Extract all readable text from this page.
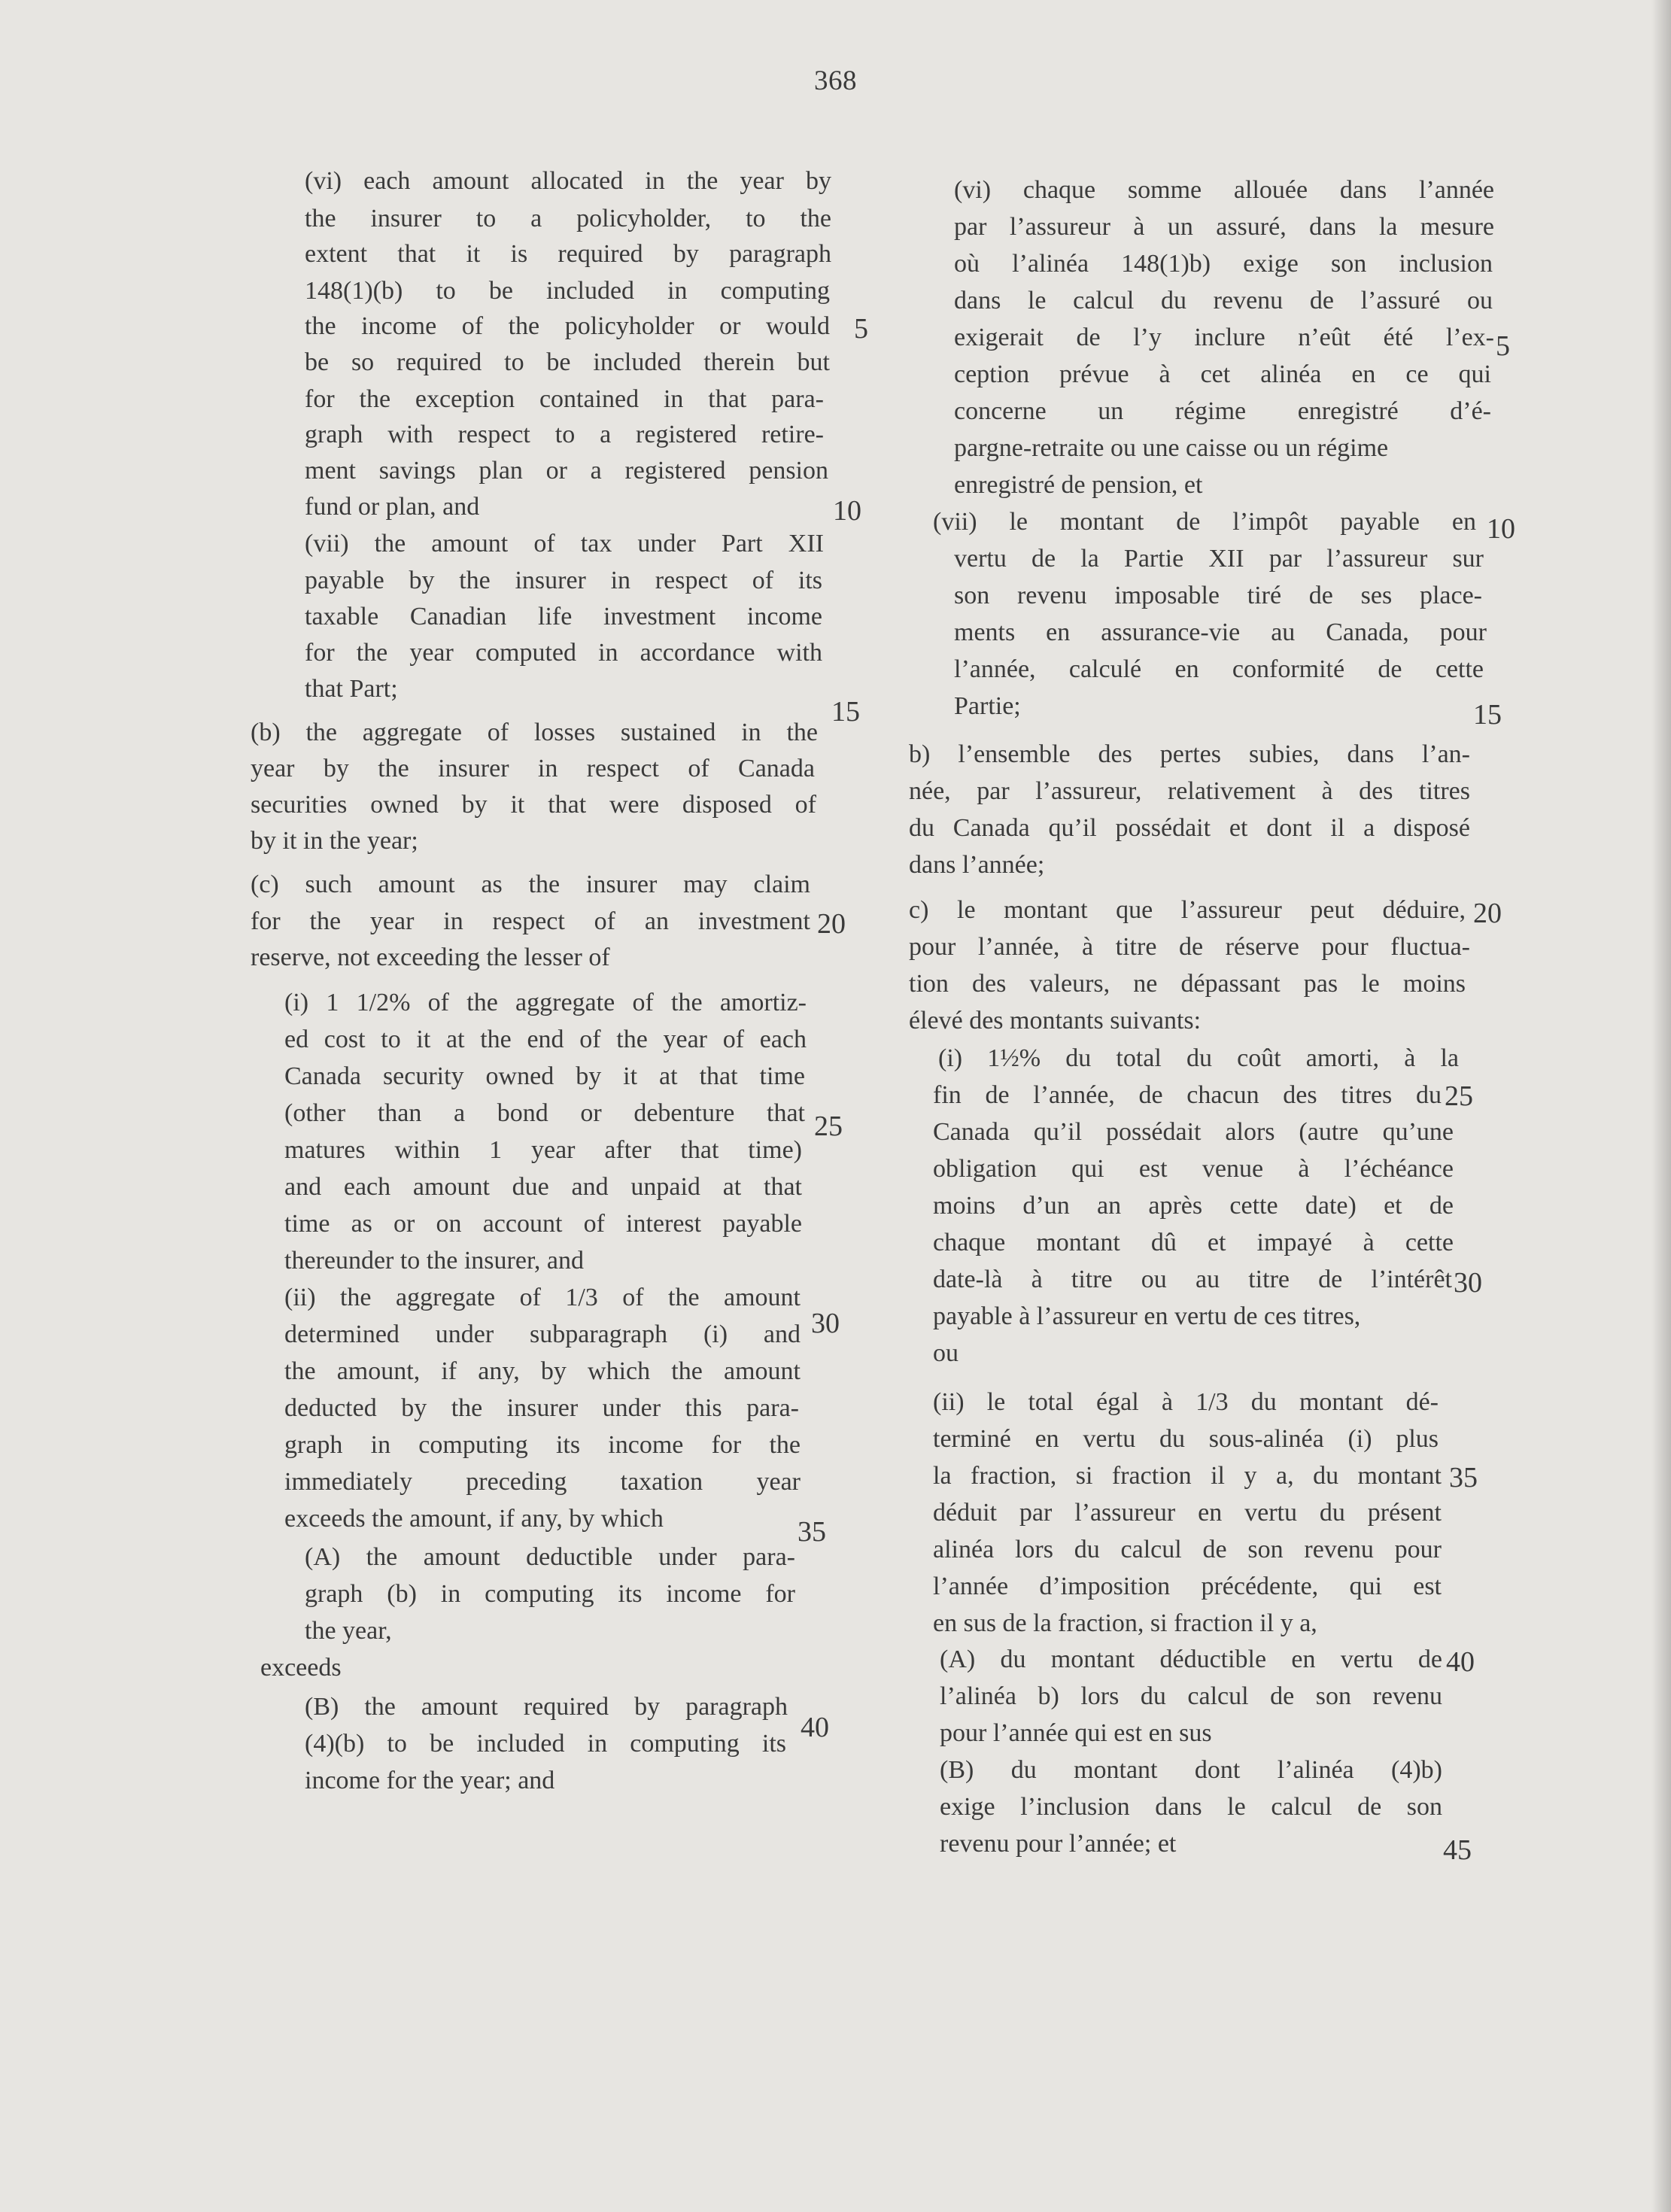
368
(vi) each amount allocated in the year by
the insurer to a policyholder, to the
extent that it is required by paragraph
148(1)(b) to be included in computing
the income of the policyholder or would
be so required to be included therein but
for the exception contained in that para-
graph with respect to a registered retire-
ment savings plan or a registered pension
fund or plan, and
(vii) the amount of tax under Part XII
payable by the insurer in respect of its
taxable Canadian life investment income
for the year computed in accordance with
that Part;
(b) the aggregate of losses sustained in the
year by the insurer in respect of Canada
securities owned by it that were disposed of
by it in the year;
(c) such amount as the insurer may claim
for the year in respect of an investment
reserve, not exceeding the lesser of
(i) 1 1/2% of the aggregate of the amortiz-
ed cost to it at the end of the year of each
Canada security owned by it at that time
(other than a bond or debenture that
matures within 1 year after that time)
and each amount due and unpaid at that
time as or on account of interest payable
thereunder to the insurer, and
(ii) the aggregate of 1/3 of the amount
determined under subparagraph (i) and
the amount, if any, by which the amount
deducted by the insurer under this para-
graph in computing its income for the
immediately preceding taxation year
exceeds the amount, if any, by which
(A) the amount deductible under para-
graph (b) in computing its income for
the year,
exceeds
(B) the amount required by paragraph
(4)(b) to be included in computing its
income for the year; and
(vi) chaque somme allouée dans l’année
par l’assureur à un assuré, dans la mesure
où l’alinéa 148(1)b) exige son inclusion
dans le calcul du revenu de l’assuré ou
exigerait de l’y inclure n’eût été l’ex-
ception prévue à cet alinéa en ce qui
concerne un régime enregistré d’é-
pargne-retraite ou une caisse ou un régime
enregistré de pension, et
(vii) le montant de l’impôt payable en
vertu de la Partie XII par l’assureur sur
son revenu imposable tiré de ses place-
ments en assurance-vie au Canada, pour
l’année, calculé en conformité de cette
Partie;
b) l’ensemble des pertes subies, dans l’an-
née, par l’assureur, relativement à des titres
du Canada qu’il possédait et dont il a disposé
dans l’année;
c) le montant que l’assureur peut déduire,
pour l’année, à titre de réserve pour fluctua-
tion des valeurs, ne dépassant pas le moins
élevé des montants suivants:
(i) 1½% du total du coût amorti, à la
fin de l’année, de chacun des titres du
Canada qu’il possédait alors (autre qu’une
obligation qui est venue à l’échéance
moins d’un an après cette date) et de
chaque montant dû et impayé à cette
date-là à titre ou au titre de l’intérêt
payable à l’assureur en vertu de ces titres,
ou
(ii) le total égal à 1/3 du montant dé-
terminé en vertu du sous-alinéa (i) plus
la fraction, si fraction il y a, du montant
déduit par l’assureur en vertu du présent
alinéa lors du calcul de son revenu pour
l’année d’imposition précédente, qui est
en sus de la fraction, si fraction il y a,
(A) du montant déductible en vertu de
l’alinéa b) lors du calcul de son revenu
pour l’année qui est en sus
(B) du montant dont l’alinéa (4)b)
exige l’inclusion dans le calcul de son
revenu pour l’année; et
5
10
15
20
25
30
35
40
5
10
15
20
25
30
35
40
45
